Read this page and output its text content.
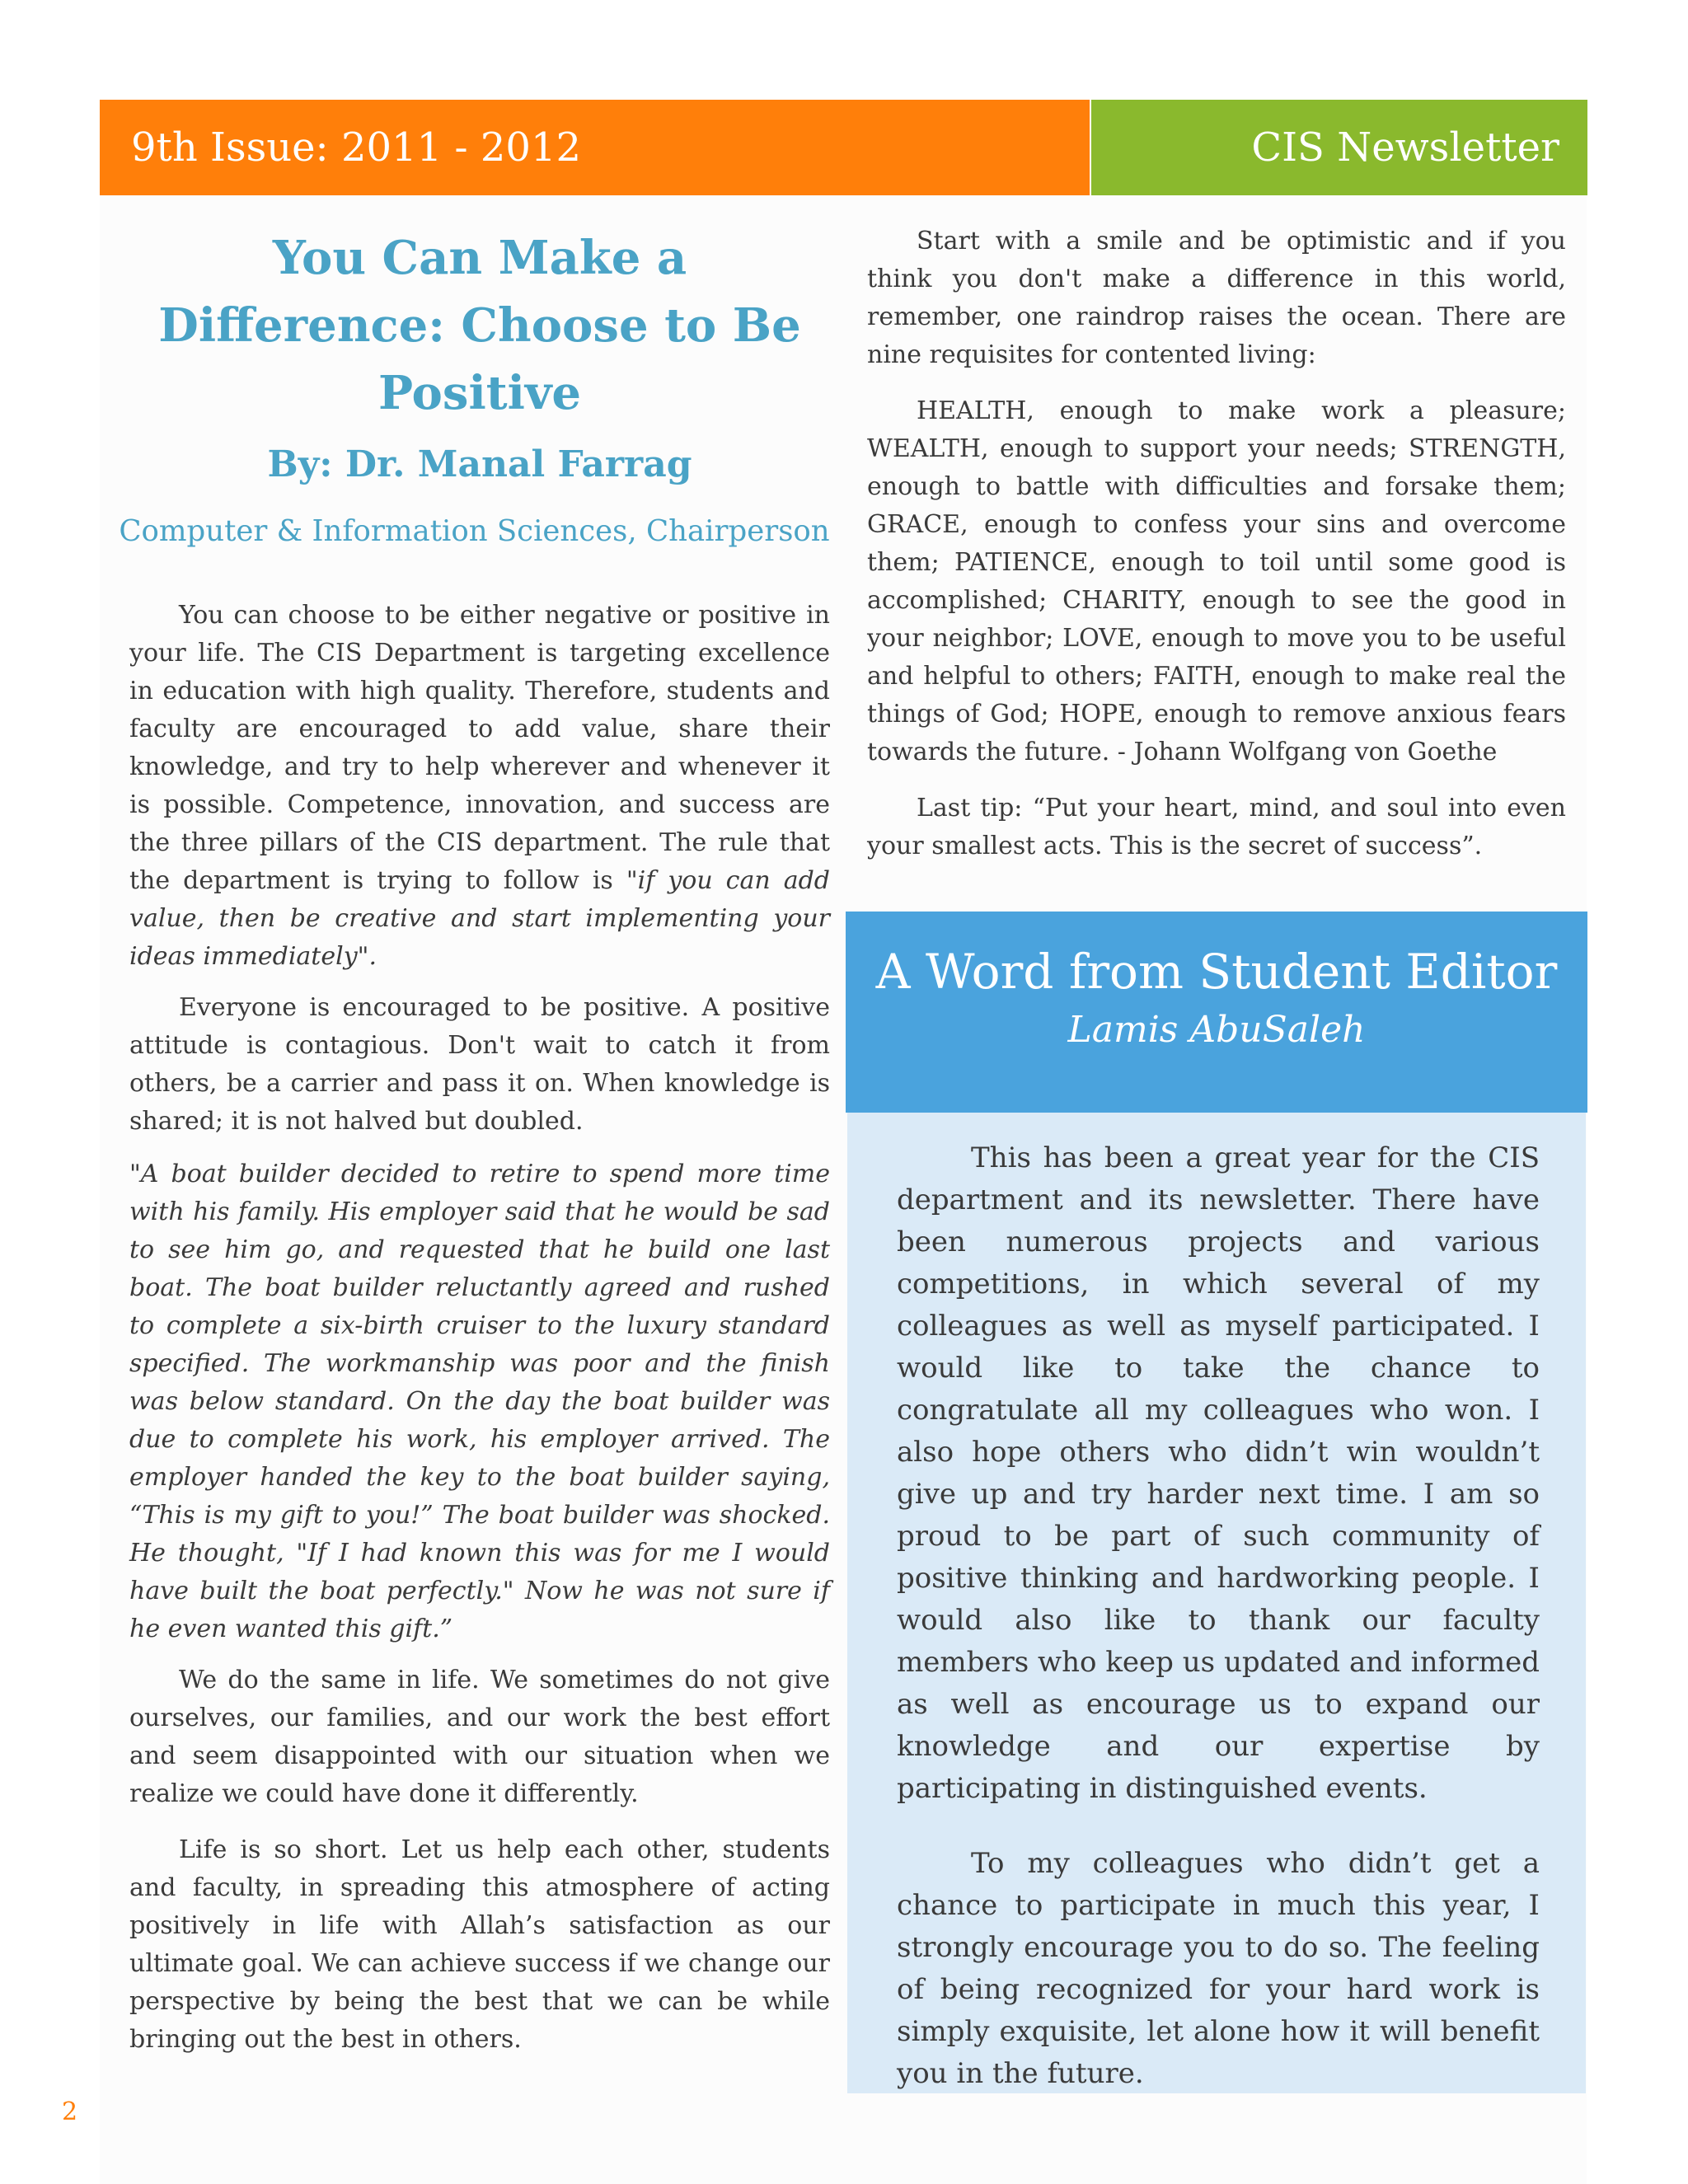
9th Issue: 2011 - 2012	CIS Newsletter
You Can Make a Difference: Choose to Be Positive

By: Dr. Manal Farrag

Computer & Information Sciences, Chairperson

You can choose to be either negative or positive in your life. The CIS Department is targeting excellence in education with high quality. Therefore, students and faculty are encouraged to add value, share their knowledge, and try to help wherever and whenever it is possible. Competence, innovation, and success are the three pillars of the CIS department. The rule that the department is trying to follow is "if you can add value, then be creative and start implementing your ideas immediately".

Everyone is encouraged to be positive. A positive attitude is contagious. Don't wait to catch it from others, be a carrier and pass it on. When knowledge is shared; it is not halved but doubled.

"A boat builder decided to retire to spend more time with his family. His employer said that he would be sad to see him go, and requested that he build one last boat. The boat builder reluctantly agreed and rushed to complete a six-birth cruiser to the luxury standard specified. The workmanship was poor and the finish was below standard. On the day the boat builder was due to complete his work, his employer arrived. The employer handed the key to the boat builder saying, “This is my gift to you!” The boat builder was shocked. He thought, "If I had known this was for me I would have built the boat perfectly." Now he was not sure if he even wanted this gift.”

We do the same in life. We sometimes do not give ourselves, our families, and our work the best effort and seem disappointed with our situation when we realize we could have done it differently.

Life is so short. Let us help each other, students and faculty, in spreading this atmosphere of acting positively in life with Allah’s satisfaction as our ultimate goal. We can achieve success if we change our perspective by being the best that we can be while bringing out the best in others.

Start with a smile and be optimistic and if you think you don't make a difference in this world, remember, one raindrop raises the ocean. There are nine requisites for contented living:

HEALTH, enough to make work a pleasure; WEALTH, enough to support your needs; STRENGTH, enough to battle with difficulties and forsake them; GRACE, enough to confess your sins and overcome them; PATIENCE, enough to toil until some good is accomplished; CHARITY, enough to see the good in your neighbor; LOVE, enough to move you to be useful and helpful to others; FAITH, enough to make real the things of God; HOPE, enough to remove anxious fears towards the future. - Johann Wolfgang von Goethe

Last tip: “Put your heart, mind, and soul into even your smallest acts. This is the secret of success”.

A Word from Student Editor

Lamis AbuSaleh

This has been a great year for the CIS department and its newsletter. There have been numerous projects and various competitions, in which several of my colleagues as well as myself participated. I would like to take the chance to congratulate all my colleagues who won. I also hope others who didn’t win wouldn’t give up and try harder next time. I am so proud to be part of such community of positive thinking and hardworking people. I would also like to thank our faculty members who keep us updated and informed as well as encourage us to expand our knowledge and our expertise by participating in distinguished events.

To my colleagues who didn’t get a chance to participate in much this year, I strongly encourage you to do so. The feeling of being recognized for your hard work is simply exquisite, let alone how it will benefit you in the future.

2
